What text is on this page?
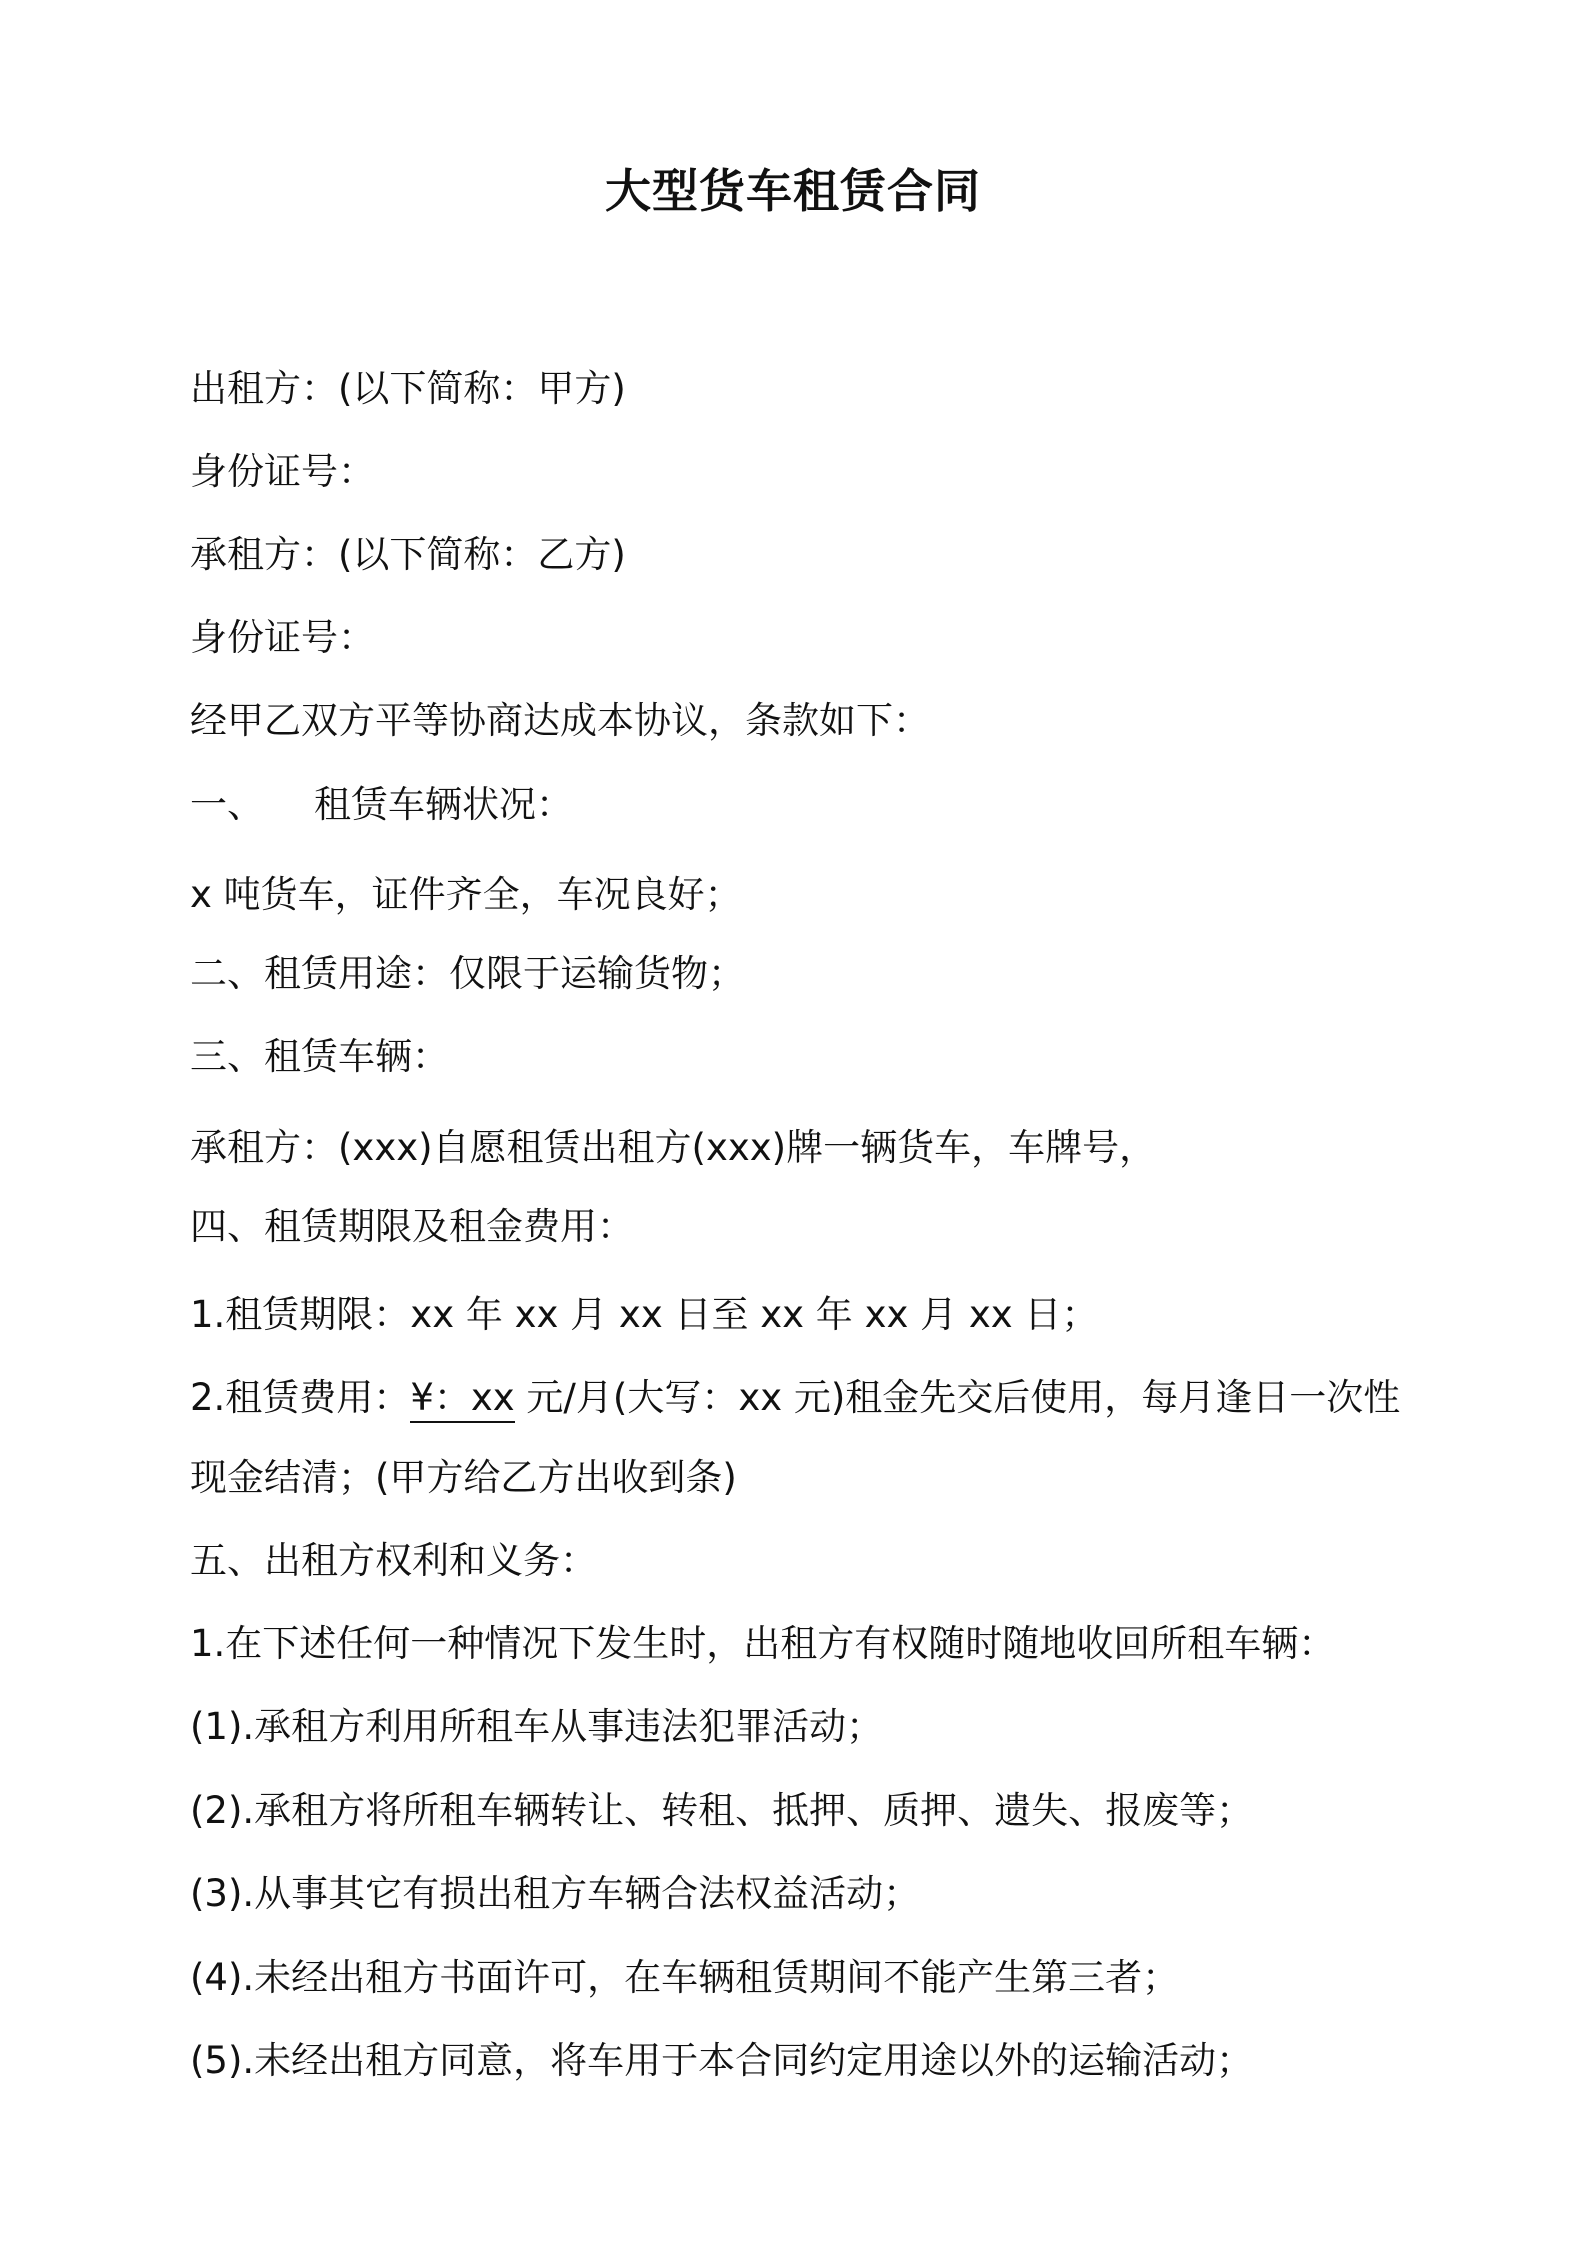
大型货车租赁合同
出租方：(以下简称：甲方)
身份证号：
承租方：(以下简称：乙方)
身份证号：
经甲乙双方平等协商达成本协议，条款如下：
一、 租赁车辆状况：
x 吨货车，证件齐全，车况良好；
二、租赁用途：仅限于运输货物；
三、租赁车辆：
承租方：(xxx)自愿租赁出租方(xxx)牌一辆货车，车牌号，
四、租赁期限及租金费用：
1.租赁期限：xx 年 xx 月 xx 日至 xx 年 xx 月 xx 日；
2.租赁费用：¥：xx 元/月(大写：xx 元)租金先交后使用，每月逢日一次性
现金结清；(甲方给乙方出收到条)
五、出租方权利和义务：
1.在下述任何一种情况下发生时，出租方有权随时随地收回所租车辆：
(1).承租方利用所租车从事违法犯罪活动；
(2).承租方将所租车辆转让、转租、抵押、质押、遗失、报废等；
(3).从事其它有损出租方车辆合法权益活动；
(4).未经出租方书面许可，在车辆租赁期间不能产生第三者；
(5).未经出租方同意，将车用于本合同约定用途以外的运输活动；
